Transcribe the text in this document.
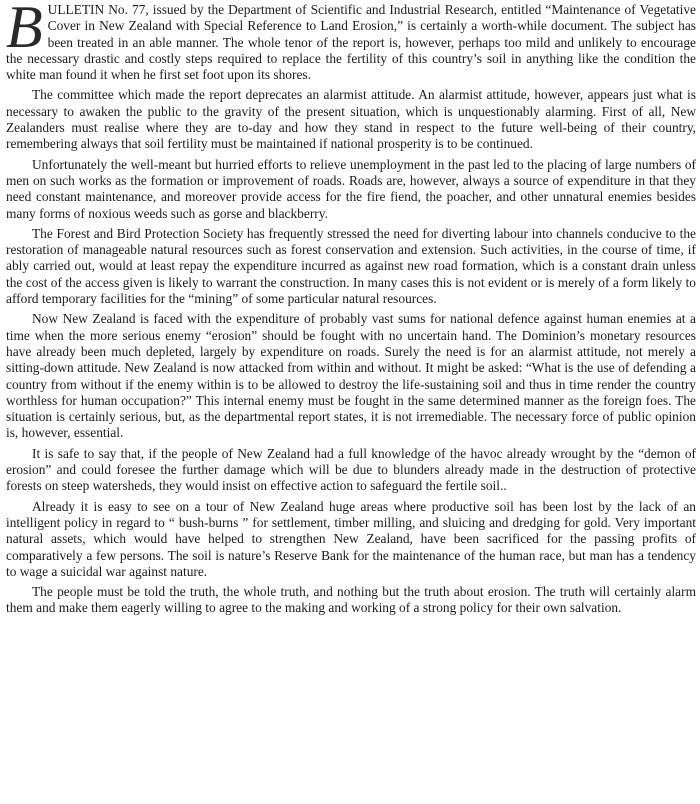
BULLETIN No. 77, issued by the Department of Scientific and Industrial Research, entitled “Maintenance of Vegetative Cover in New Zealand with Special Reference to Land Erosion,” is certainly a worth-while document. The subject has been treated in an able manner. The whole tenor of the report is, however, perhaps too mild and unlikely to encourage the necessary drastic and costly steps required to replace the fertility of this country’s soil in anything like the condition the white man found it when he first set foot upon its shores.

The committee which made the report deprecates an alarmist attitude. An alarmist attitude, however, appears just what is necessary to awaken the public to the gravity of the present situation, which is unquestionably alarming. First of all, New Zealanders must realise where they are to-day and how they stand in respect to the future well-being of their country, remembering always that soil fertility must be maintained if national prosperity is to be continued.

Unfortunately the well-meant but hurried efforts to relieve unemployment in the past led to the placing of large numbers of men on such works as the formation or improvement of roads. Roads are, however, always a source of expenditure in that they need constant maintenance, and moreover provide access for the fire fiend, the poacher, and other unnatural enemies besides many forms of noxious weeds such as gorse and blackberry.

The Forest and Bird Protection Society has frequently stressed the need for diverting labour into channels conducive to the restoration of manageable natural resources such as forest conservation and extension. Such activities, in the course of time, if ably carried out, would at least repay the expenditure incurred as against new road formation, which is a constant drain unless the cost of the access given is likely to warrant the construction. In many cases this is not evident or is merely of a form likely to afford temporary facilities for the “mining” of some particular natural resources.

Now New Zealand is faced with the expenditure of probably vast sums for national defence against human enemies at a time when the more serious enemy “erosion” should be fought with no uncertain hand. The Dominion’s monetary resources have already been much depleted, largely by expenditure on roads. Surely the need is for an alarmist attitude, not merely a sitting-down attitude. New Zealand is now attacked from within and without. It might be asked: “What is the use of defending a country from without if the enemy within is to be allowed to destroy the life-sustaining soil and thus in time render the country worthless for human occupation?” This internal enemy must be fought in the same determined manner as the foreign foes. The situation is certainly serious, but, as the departmental report states, it is not irremediable. The necessary force of public opinion is, however, essential.

It is safe to say that, if the people of New Zealand had a full knowledge of the havoc already wrought by the “demon of erosion” and could foresee the further damage which will be due to blunders already made in the destruction of protective forests on steep watersheds, they would insist on effective action to safeguard the fertile soil..

Already it is easy to see on a tour of New Zealand huge areas where productive soil has been lost by the lack of an intelligent policy in regard to “ bush-burns ” for settlement, timber milling, and sluicing and dredging for gold. Very important natural assets, which would have helped to strengthen New Zealand, have been sacrificed for the passing profits of comparatively a few persons. The soil is nature’s Reserve Bank for the maintenance of the human race, but man has a tendency to wage a suicidal war against nature.

The people must be told the truth, the whole truth, and nothing but the truth about erosion. The truth will certainly alarm them and make them eagerly willing to agree to the making and working of a strong policy for their own salvation.
